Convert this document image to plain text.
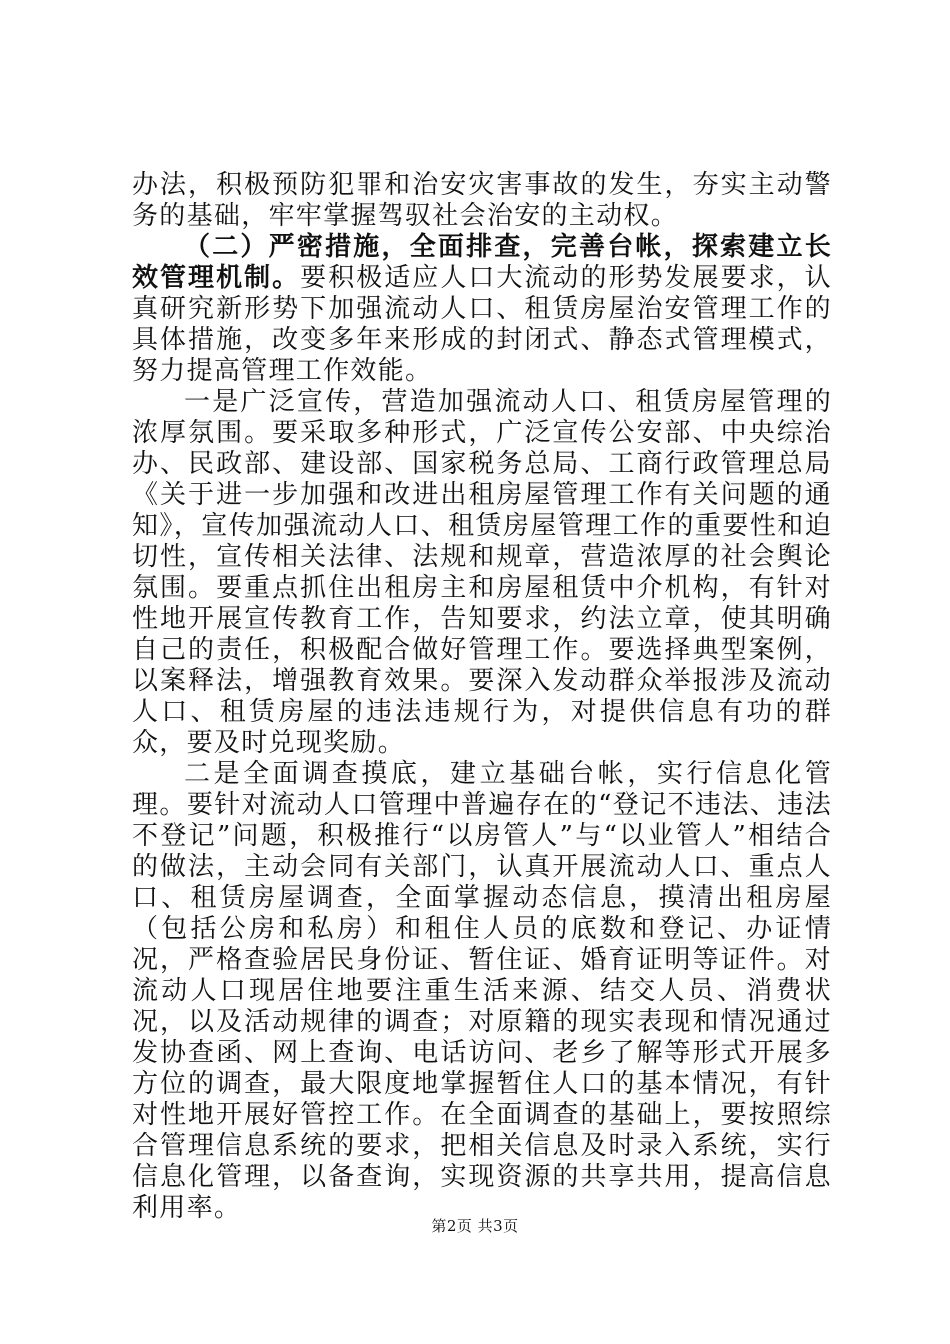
办法，积极预防犯罪和治安灾害事故的发生，夯实主动警务的基础，牢牢掌握驾驭社会治安的主动权。

（二）严密措施，全面排查，完善台帐，探索建立长效管理机制。要积极适应人口大流动的形势发展要求，认真研究新形势下加强流动人口、租赁房屋治安管理工作的具体措施，改变多年来形成的封闭式、静态式管理模式，努力提高管理工作效能。

一是广泛宣传，营造加强流动人口、租赁房屋管理的浓厚氛围。要采取多种形式，广泛宣传公安部、中央综治办、民政部、建设部、国家税务总局、工商行政管理总局《关于进一步加强和改进出租房屋管理工作有关问题的通知》，宣传加强流动人口、租赁房屋管理工作的重要性和迫切性，宣传相关法律、法规和规章，营造浓厚的社会舆论氛围。要重点抓住出租房主和房屋租赁中介机构，有针对性地开展宣传教育工作，告知要求，约法立章，使其明确自己的责任，积极配合做好管理工作。要选择典型案例，以案释法，增强教育效果。要深入发动群众举报涉及流动人口、租赁房屋的违法违规行为，对提供信息有功的群众，要及时兑现奖励。

二是全面调查摸底，建立基础台帐，实行信息化管理。要针对流动人口管理中普遍存在的“登记不违法、违法不登记”问题，积极推行“以房管人”与“以业管人”相结合的做法，主动会同有关部门，认真开展流动人口、重点人口、租赁房屋调查，全面掌握动态信息，摸清出租房屋（包括公房和私房）和租住人员的底数和登记、办证情况，严格查验居民身份证、暂住证、婚育证明等证件。对流动人口现居住地要注重生活来源、结交人员、消费状况，以及活动规律的调查；对原籍的现实表现和情况通过发协查函、网上查询、电话访问、老乡了解等形式开展多方位的调查，最大限度地掌握暂住人口的基本情况，有针对性地开展好管控工作。在全面调查的基础上，要按照综合管理信息系统的要求，把相关信息及时录入系统，实行信息化管理，以备查询，实现资源的共享共用，提高信息利用率。

第2页 共3页
